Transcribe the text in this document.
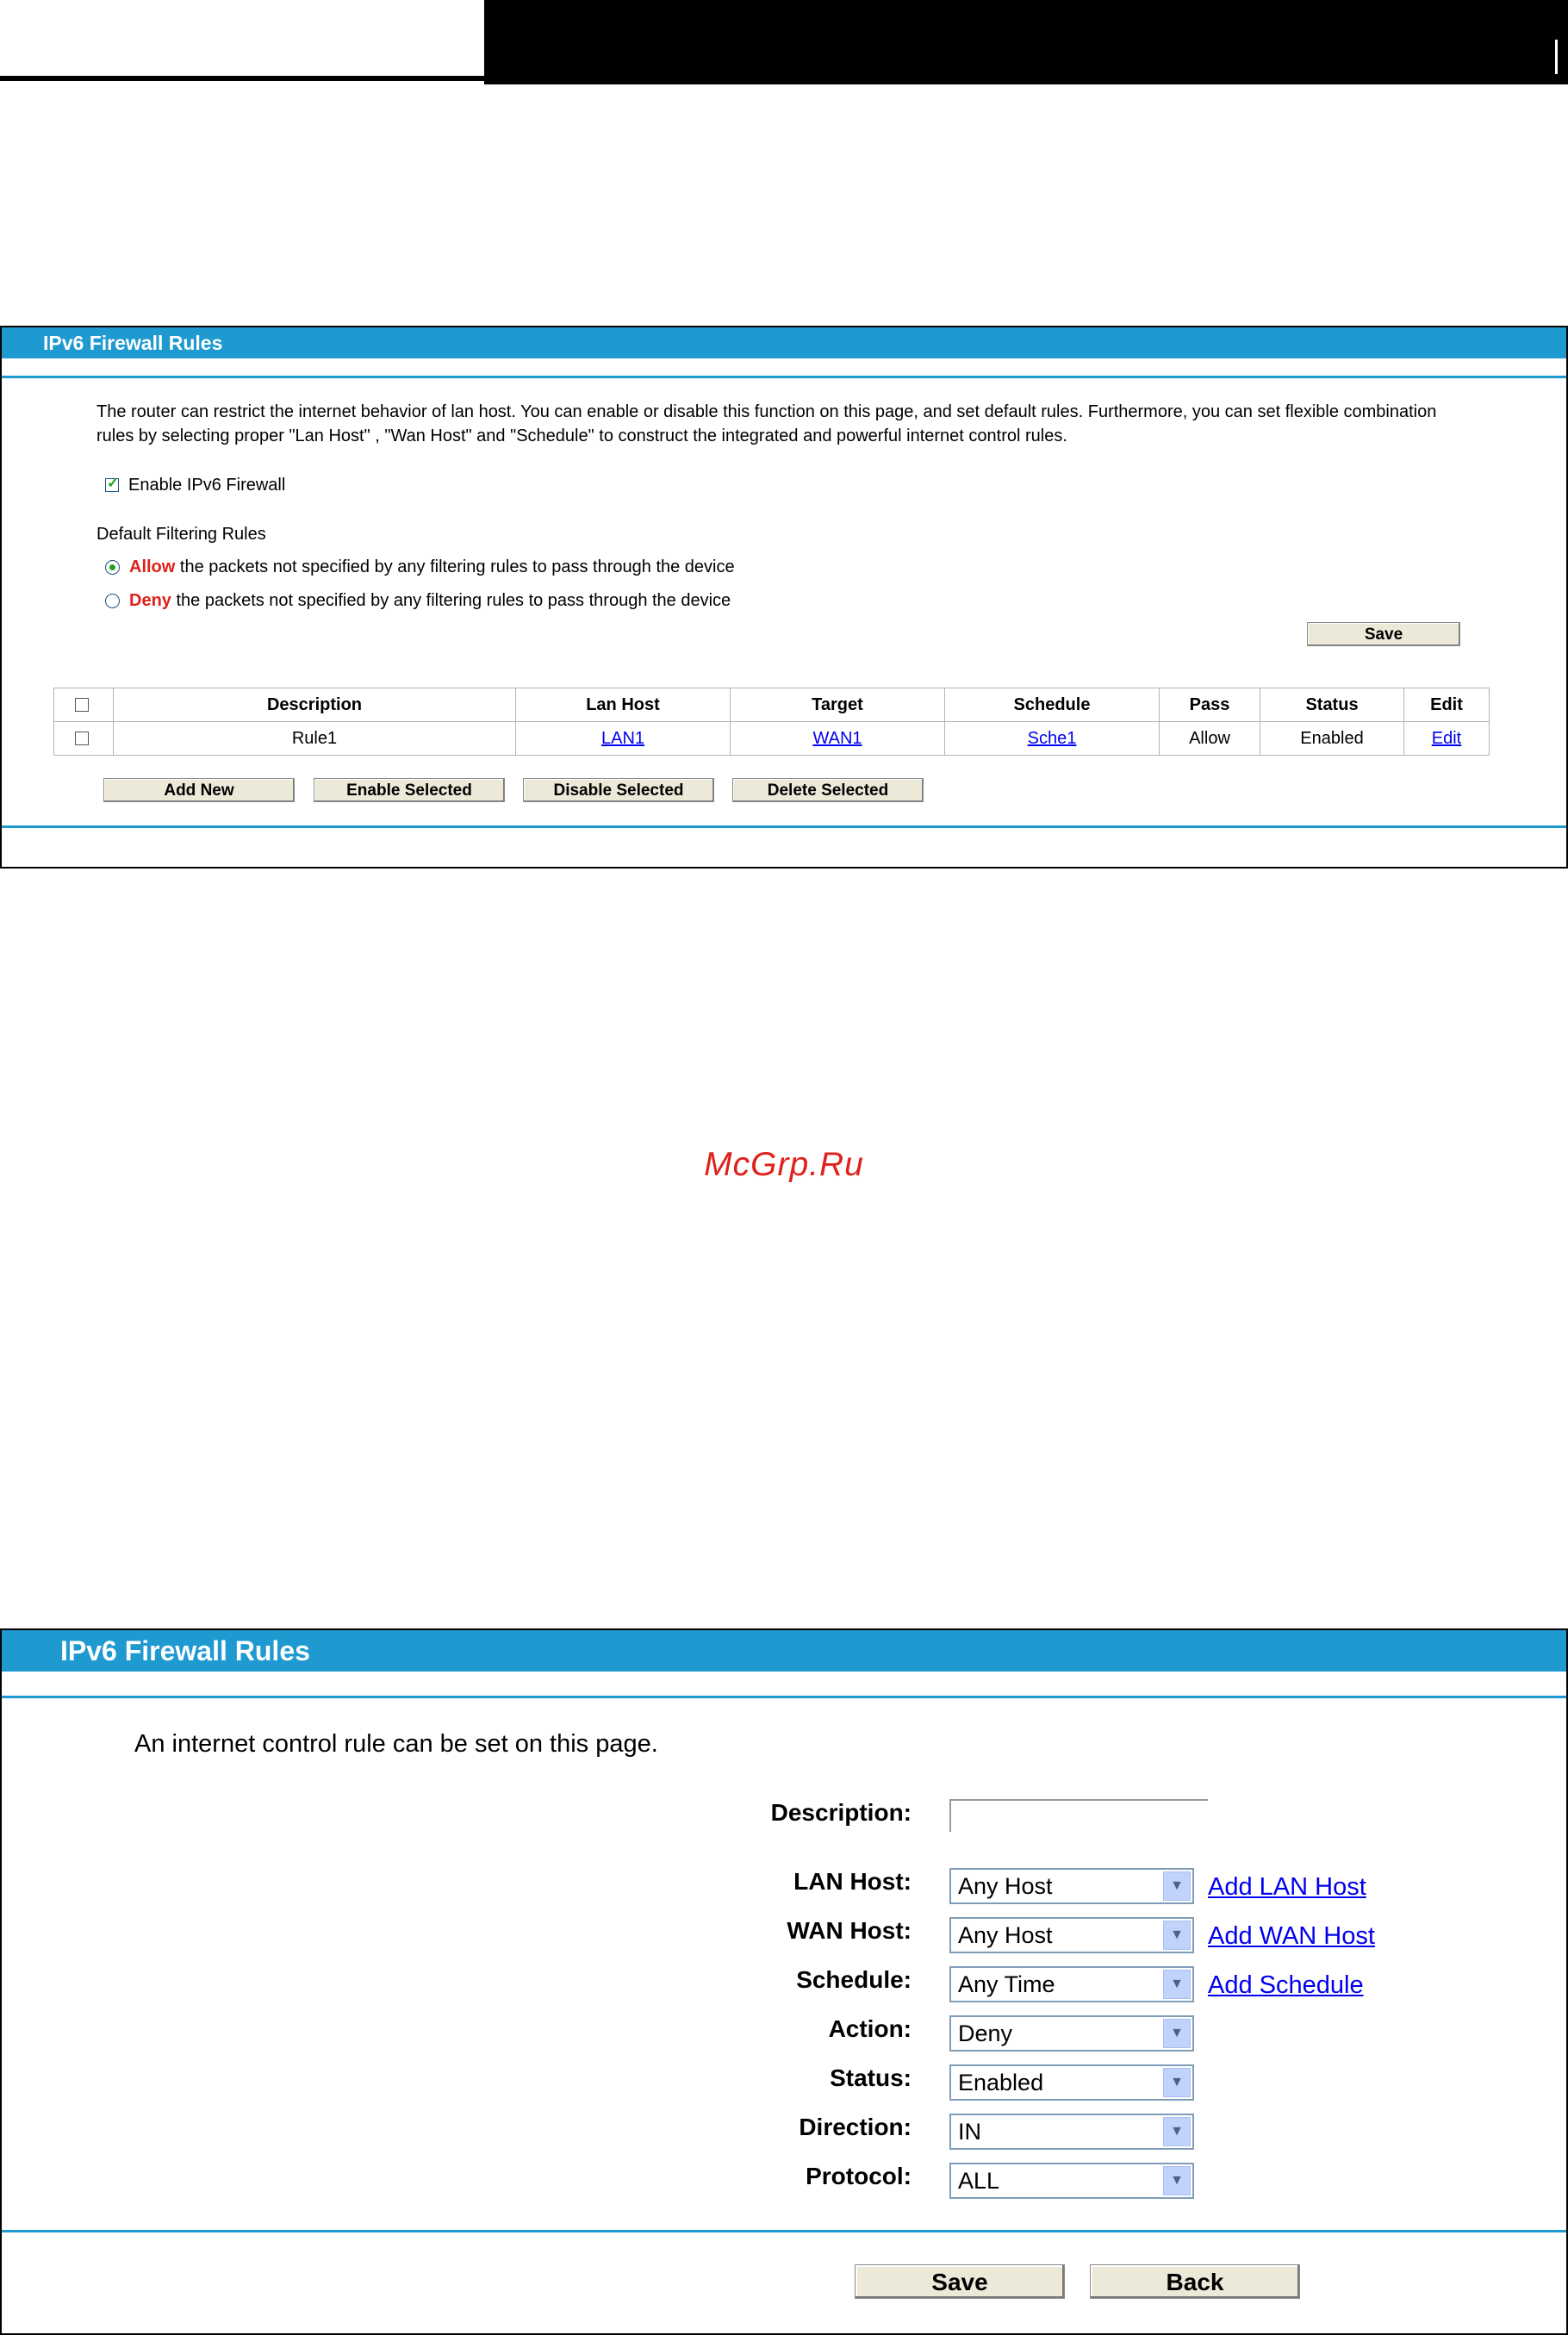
IPv6 Firewall Rules
The router can restrict the internet behavior of lan host. You can enable or disable this function on this page, and set default rules. Furthermore, you can set flexible combination rules by selecting proper "Lan Host" , "Wan Host" and "Schedule" to construct the integrated and powerful internet control rules.
✓
Enable IPv6 Firewall
Default Filtering Rules
Allow the packets not specified by any filtering rules to pass through the device
Deny the packets not specified by any filtering rules to pass through the device
Save
	Description	Lan Host	Target	Schedule	Pass	Status	Edit

	Rule1	LAN1	WAN1	Sche1	Allow	Enabled	Edit
Add New	Enable Selected	Disable Selected	Delete Selected
McGrp.Ru
IPv6 Firewall Rules
An internet control rule can be set on this page.
Description:
LAN Host: Any Host	▼ Add LAN Host
WAN Host: Any Host	▼ Add WAN Host
Schedule: Any Time	▼ Add Schedule
Action: Deny	▼
Status: Enabled	▼
Direction: IN	▼
Protocol: ALL	▼
Save	Back
